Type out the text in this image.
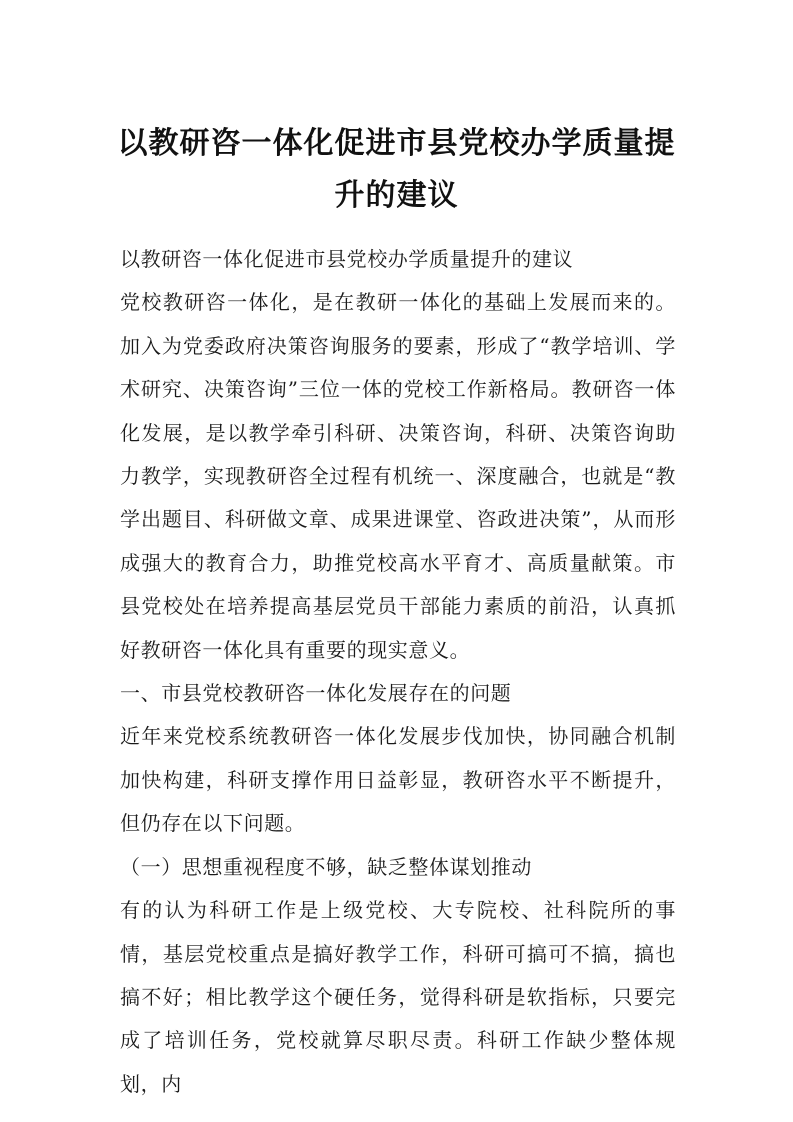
以教研咨一体化促进市县党校办学质量提
升的建议

以教研咨一体化促进市县党校办学质量提升的建议

党校教研咨一体化，是在教研一体化的基础上发展而来的。加入为党委政府决策咨询服务的要素，形成了“教学培训、学术研究、决策咨询”三位一体的党校工作新格局。教研咨一体化发展，是以教学牵引科研、决策咨询，科研、决策咨询助力教学，实现教研咨全过程有机统一、深度融合，也就是“教学出题目、科研做文章、成果进课堂、咨政进决策”，从而形成强大的教育合力，助推党校高水平育才、高质量献策。市县党校处在培养提高基层党员干部能力素质的前沿，认真抓好教研咨一体化具有重要的现实意义。

一、市县党校教研咨一体化发展存在的问题

近年来党校系统教研咨一体化发展步伐加快，协同融合机制加快构建，科研支撑作用日益彰显，教研咨水平不断提升，但仍存在以下问题。

（一）思想重视程度不够，缺乏整体谋划推动

有的认为科研工作是上级党校、大专院校、社科院所的事情，基层党校重点是搞好教学工作，科研可搞可不搞，搞也搞不好；相比教学这个硬任务，觉得科研是软指标，只要完成了培训任务，党校就算尽职尽责。科研工作缺少整体规划，内
